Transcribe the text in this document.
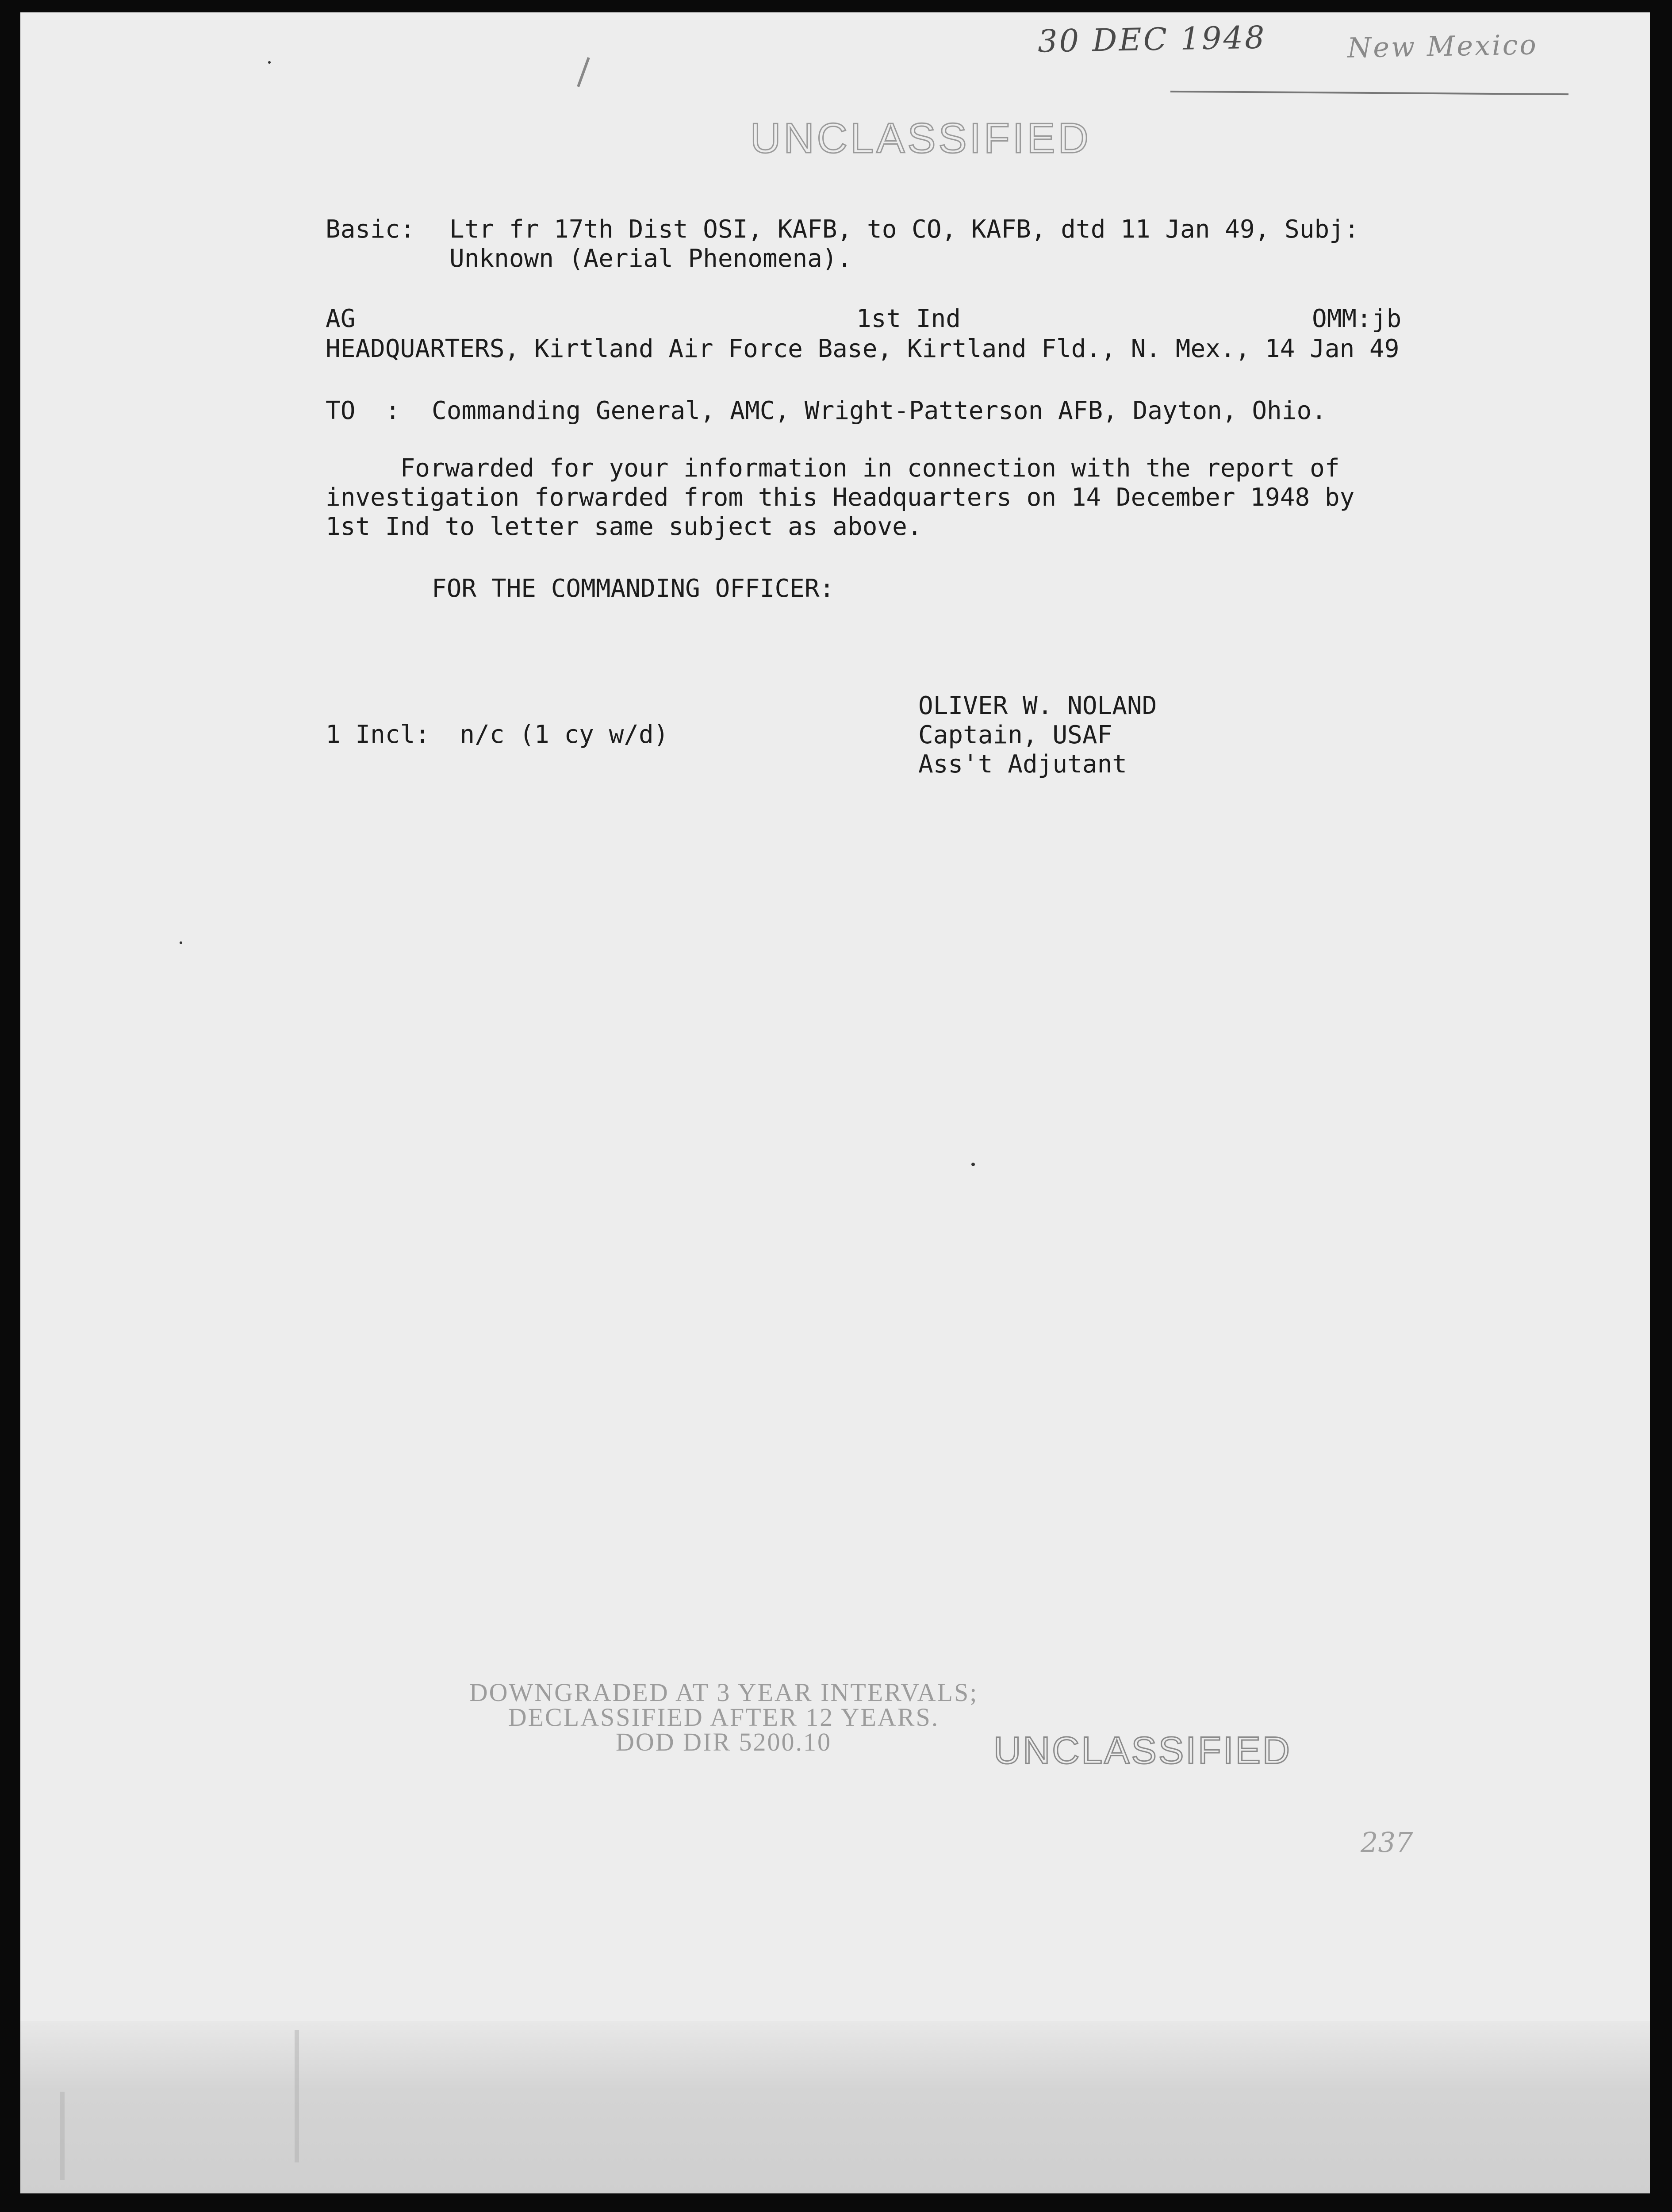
30 DEC 1948	New Mexico
UNCLASSIFIED
Basic: Ltr fr 17th Dist OSI, KAFB, to CO, KAFB, dtd 11 Jan 49, Subj:
Unknown (Aerial Phenomena).
AG	1st Ind	OMM:jb
HEADQUARTERS, Kirtland Air Force Base, Kirtland Fld., N. Mex., 14 Jan 49
TO  : Commanding General, AMC, Wright-Patterson AFB, Dayton, Ohio.
Forwarded for your information in connection with the report of
investigation forwarded from this Headquarters on 14 December 1948 by
1st Ind to letter same subject as above.
FOR THE COMMANDING OFFICER:
1 Incl:  n/c (1 cy w/d)
OLIVER W. NOLAND
Captain, USAF
Ass't Adjutant
DOWNGRADED AT 3 YEAR INTERVALS;
DECLASSIFIED AFTER 12 YEARS.
DOD DIR 5200.10	UNCLASSIFIED
237
